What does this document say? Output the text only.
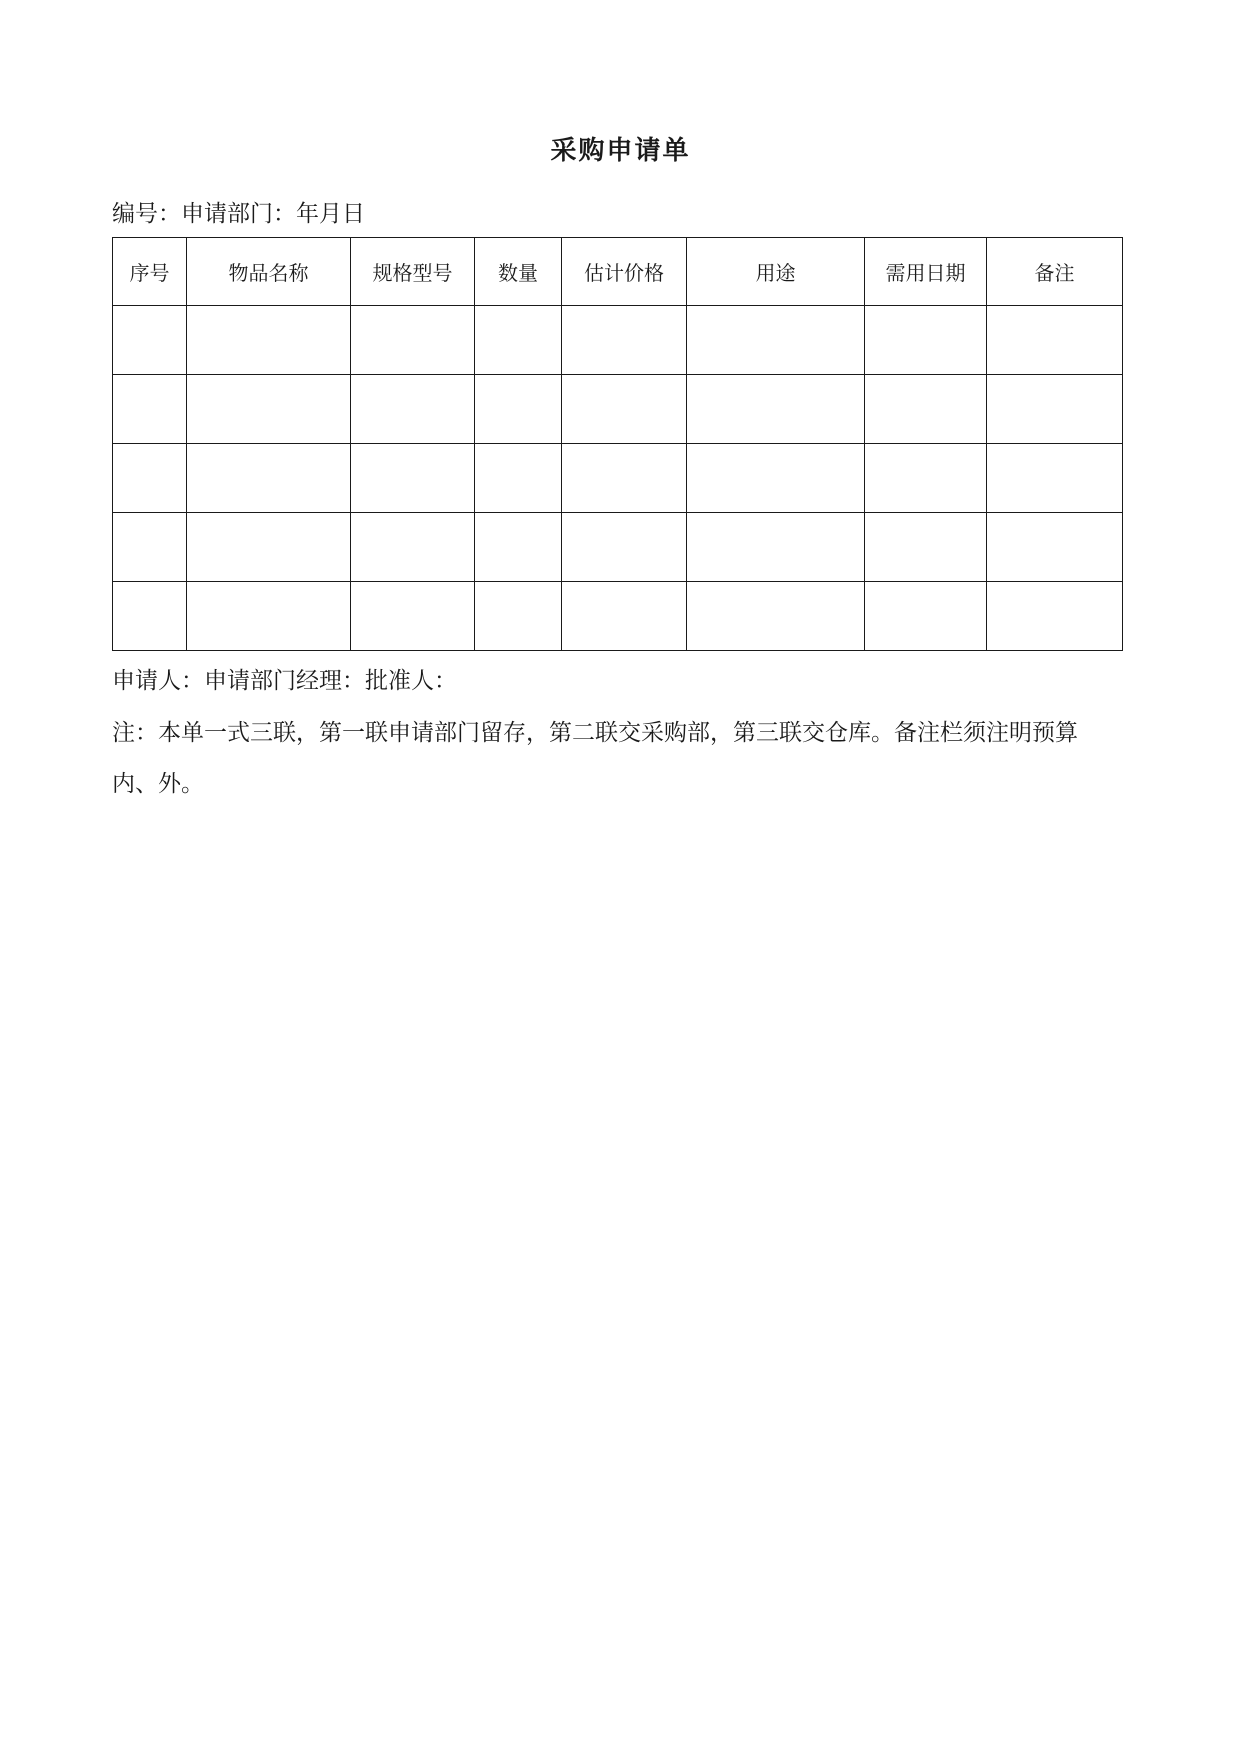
采购申请单
编号：申请部门：年月日
序号	物品名称	规格型号	数量	估计价格	用途	需用日期	备注

申请人：申请部门经理：批准人：
注：本单一式三联，第一联申请部门留存，第二联交采购部，第三联交仓库。备注栏须注明预算内、外。
